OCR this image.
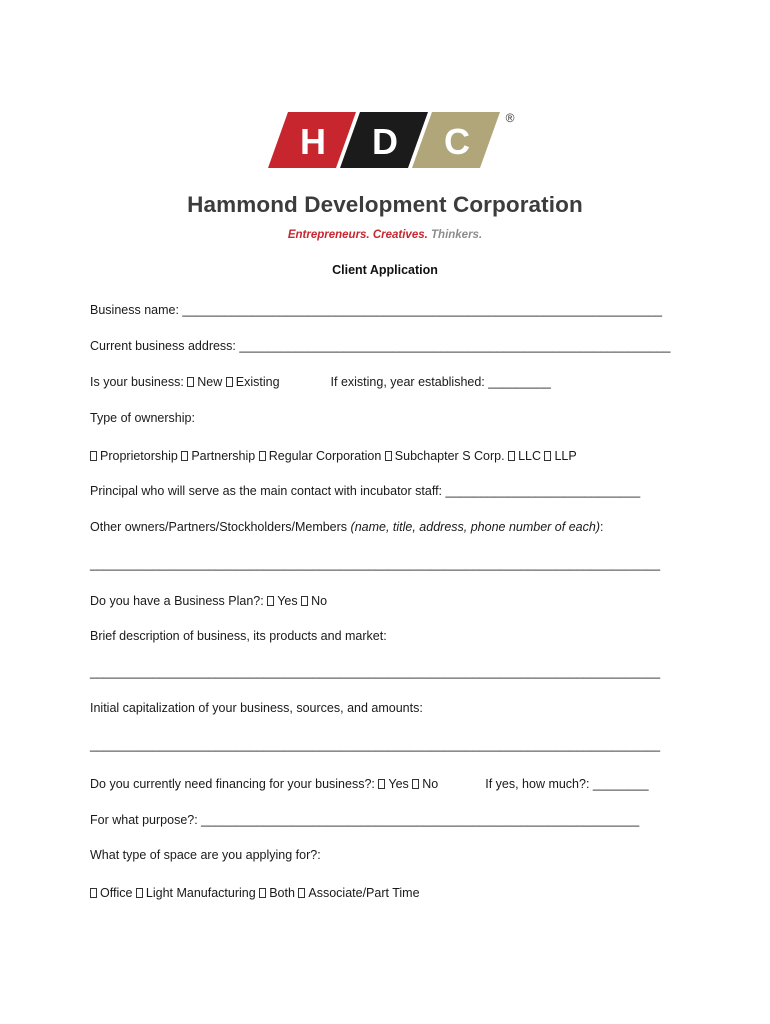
H D C
®
Hammond Development Corporation
Entrepreneurs. Creatives. Thinkers.
Client Application
Business name: _____________________________________________________________________
Current business address: ______________________________________________________________
Is your business: New Existing	If existing, year established: _________
Type of ownership:
Proprietorship Partnership Regular Corporation Subchapter S Corp. LLC LLP
Principal who will serve as the main contact with incubator staff: ____________________________
Other owners/Partners/Stockholders/Members (name, title, address, phone number of each):
__________________________________________________________________________________
Do you have a Business Plan?: Yes No
Brief description of business, its products and market:
__________________________________________________________________________________
Initial capitalization of your business, sources, and amounts:
__________________________________________________________________________________
Do you currently need financing for your business?: Yes No	If yes, how much?: ________
For what purpose?: _______________________________________________________________
What type of space are you applying for?:
Office Light Manufacturing Both Associate/Part Time
